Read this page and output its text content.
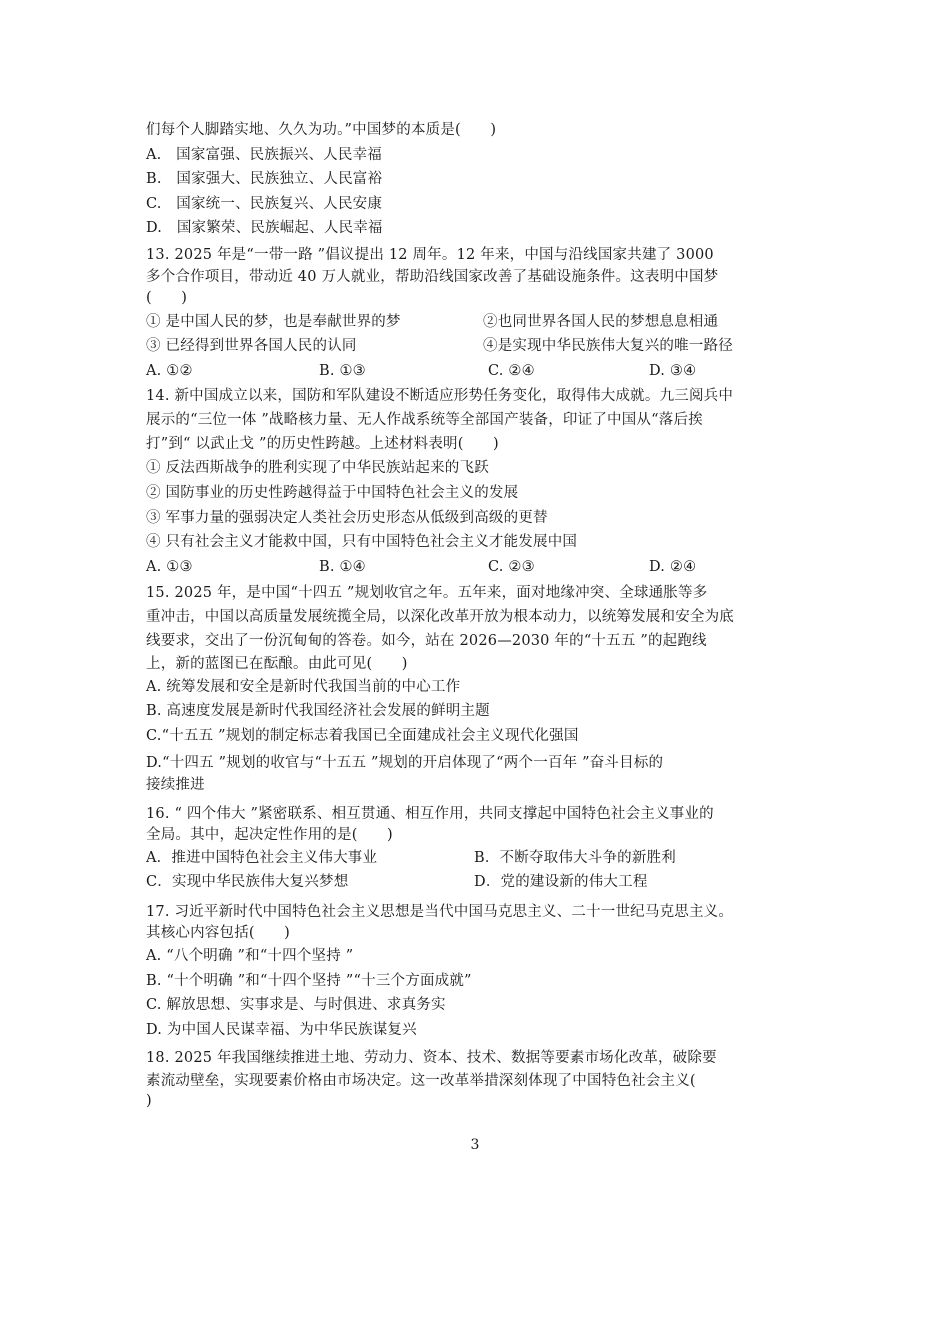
们每个人脚踏实地、久久为功。”中国梦的本质是(　　)
A.　国家富强、民族振兴、人民幸福
B.　国家强大、民族独立、人民富裕
C.　国家统一、民族复兴、人民安康
D.　国家繁荣、民族崛起、人民幸福
13. 2025 年是“一带一路 ”倡议提出 12 周年。12 年来，中国与沿线国家共建了 3000
多个合作项目，带动近 40 万人就业，帮助沿线国家改善了基础设施条件。这表明中国梦
(　　)
① 是中国人民的梦，也是奉献世界的梦	②也同世界各国人民的梦想息息相通
③ 已经得到世界各国人民的认同	④是实现中华民族伟大复兴的唯一路径
A. ①②	B. ①③	C. ②④	D. ③④
14. 新中国成立以来，国防和军队建设不断适应形势任务变化，取得伟大成就。九三阅兵中
展示的“三位一体 ”战略核力量、无人作战系统等全部国产装备，印证了中国从“落后挨
打”到“ 以武止戈 ”的历史性跨越。上述材料表明(　　)
① 反法西斯战争的胜利实现了中华民族站起来的飞跃
② 国防事业的历史性跨越得益于中国特色社会主义的发展
③ 军事力量的强弱决定人类社会历史形态从低级到高级的更替
④ 只有社会主义才能救中国，只有中国特色社会主义才能发展中国
A. ①③	B. ①④	C. ②③	D. ②④
15. 2025 年，是中国“十四五 ”规划收官之年。五年来，面对地缘冲突、全球通胀等多
重冲击，中国以高质量发展统揽全局，以深化改革开放为根本动力，以统筹发展和安全为底
线要求，交出了一份沉甸甸的答卷。如今，站在 2026—2030 年的“十五五 ”的起跑线
上，新的蓝图已在酝酿。由此可见(　　)
A. 统筹发展和安全是新时代我国当前的中心工作
B. 高速度发展是新时代我国经济社会发展的鲜明主题
C.“十五五 ”规划的制定标志着我国已全面建成社会主义现代化强国
D.“十四五 ”规划的收官与“十五五 ”规划的开启体现了“两个一百年 ”奋斗目标的
接续推进
16. “ 四个伟大 ”紧密联系、相互贯通、相互作用，共同支撑起中国特色社会主义事业的
全局。其中，起决定性作用的是(　　)
A．推进中国特色社会主义伟大事业	B．不断夺取伟大斗争的新胜利
C．实现中华民族伟大复兴梦想	D．党的建设新的伟大工程
17. 习近平新时代中国特色社会主义思想是当代中国马克思主义、二十一世纪马克思主义。
其核心内容包括(　　)
A. “八个明确 ”和“十四个坚持 ”
B. “十个明确 ”和“十四个坚持 ”“十三个方面成就”
C. 解放思想、实事求是、与时俱进、求真务实
D. 为中国人民谋幸福、为中华民族谋复兴
18. 2025 年我国继续推进土地、劳动力、资本、技术、数据等要素市场化改革，破除要
素流动壁垒，实现要素价格由市场决定。这一改革举措深刻体现了中国特色社会主义(
)
3
